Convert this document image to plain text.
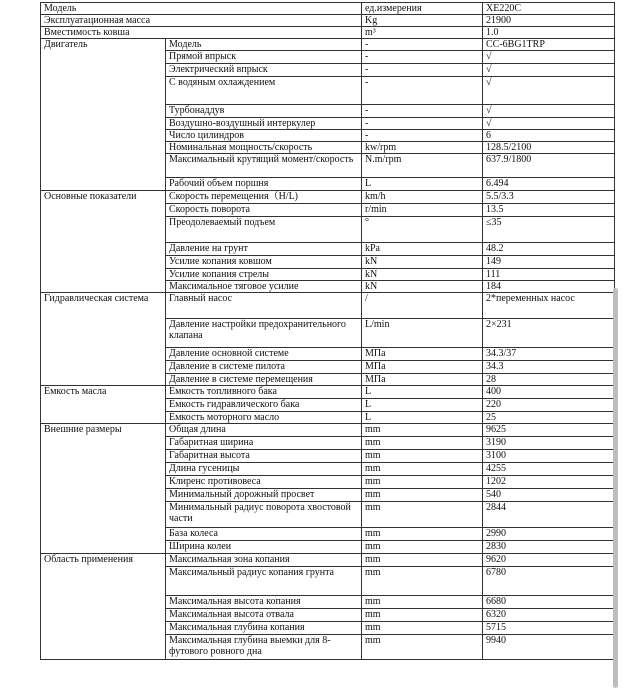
Модель		ед.измерения	XE220C
Эксплуатационная масса		Kg	21900
Вместимость ковша		m³	1.0
Двигатель	Модель	-	CC-6BG1TRP
	Прямой впрыск	-	√
	Электрический впрыск	-	√
	С водяным охлаждением	-	√
	Турбонаддув	-	√
	Воздушно-воздушный интеркулер	-	√
	Число цилиндров	-	6
	Номинальная мощность/скорость	kw/rpm	128.5/2100
	Максимальный крутящий момент/скорость	N.m/rpm	637.9/1800
	Рабочий объем поршня	L	6.494
Основные показатели	Скорость перемещения（H/L)	km/h	5.5/3.3
	Скорость поворота	r/min	13.5
	Преодолеваемый подъем	°	≤35
	Давление на грунт	kPa	48.2
	Усилие копания ковшом	kN	149
	Усилие копания стрелы	kN	111
	Максимальное тяговое усилие	kN	184
Гидравлическая система	Главный насос	/	2*переменных насос
	Давление настройки предохранительного клапана	L/min	2×231
	Давление основной системе	МПа	34.3/37
	Давление в системе пилота	МПа	34.3
	Давление в системе перемещения	МПа	28
Емкость масла	Емкость топливного бака	L	400
	Емкость гидравлического бака	L	220
	Емкость моторного масло	L	25
Внешние размеры	Общая длина	mm	9625
	Габаритная ширина	mm	3190
	Габаритная высота	mm	3100
	Длина гусеницы	mm	4255
	Клиренс противовеса	mm	1202
	Минимальный дорожный просвет	mm	540
	Минимальный радиус поворота хвостовой части	mm	2844
	База колеса	mm	2990
	Ширина колеи	mm	2830
Область применения	Максимальная зона копания	mm	9620
	Максимальный радиус копания грунта	mm	6780
	Максимальная высота копания	mm	6680
	Максимальная высота отвала	mm	6320
	Максимальная глубина копания	mm	5715
	Максимальная глубина выемки для 8-футового ровного дна	mm	9940
